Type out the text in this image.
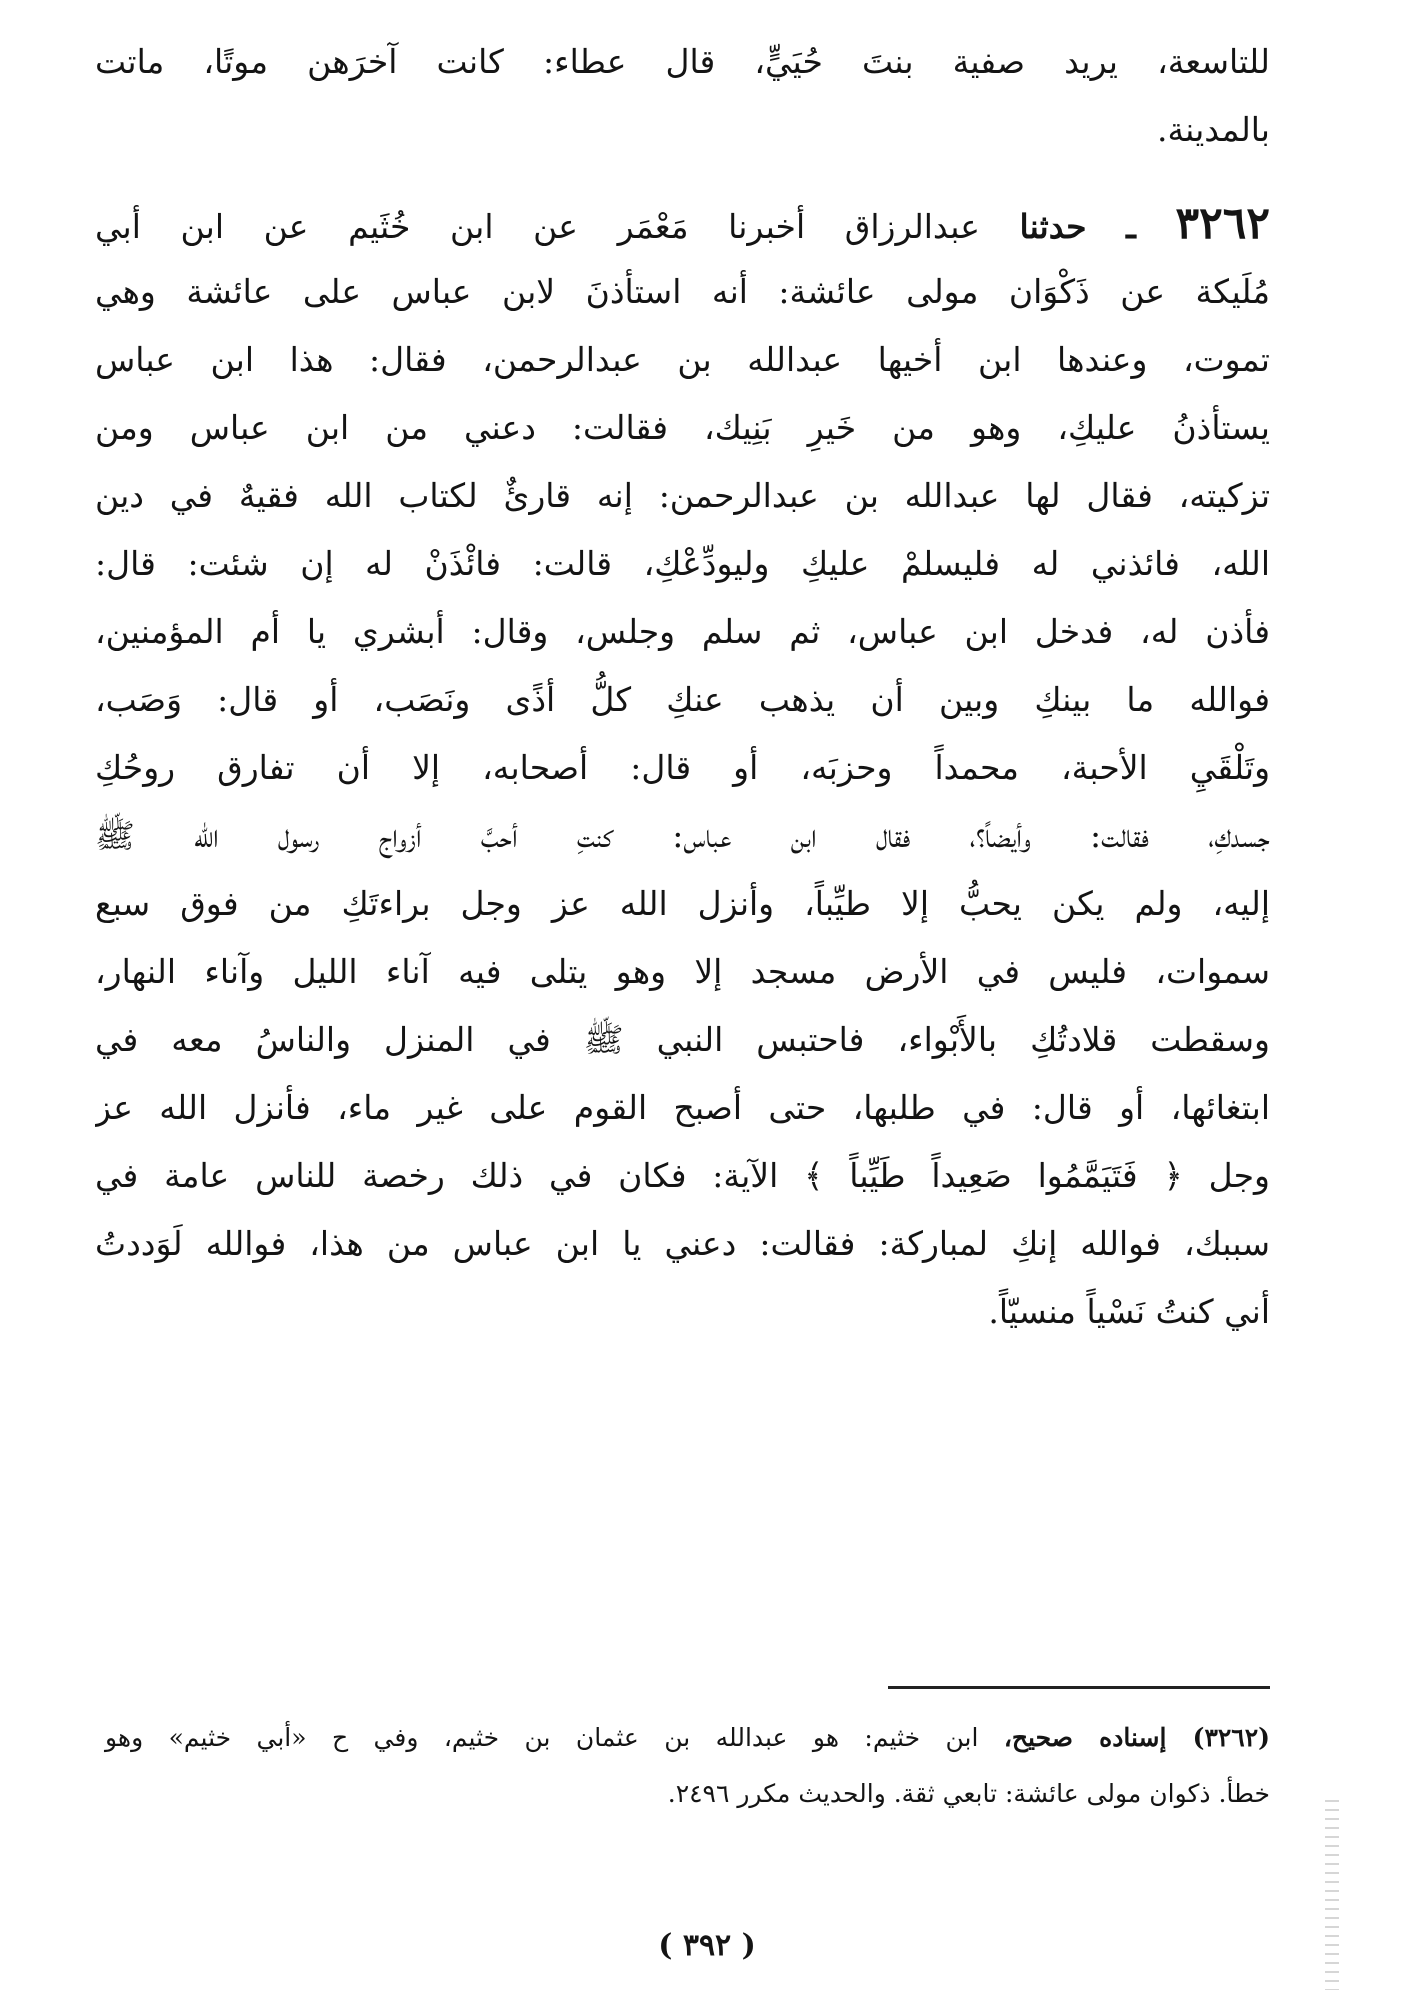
للتاسعة، يريد صفية بنتَ حُيَيٍّ، قال عطاء: كانت آخرَهن موتًا، ماتت
بالمدينة.
٣٢٦٢ ـ حدثنا عبدالرزاق أخبرنا مَعْمَر عن ابن خُثَيم عن ابن أبي
مُلَيكة عن ذَكْوَان مولى عائشة: أنه استأذنَ لابن عباس على عائشة وهي
تموت، وعندها ابن أخيها عبدالله بن عبدالرحمن، فقال: هذا ابن عباس
يستأذنُ عليكِ، وهو من خَيرِ بَنِيك، فقالت: دعني من ابن عباس ومن
تزكيته، فقال لها عبدالله بن عبدالرحمن: إنه قارئٌ لكتاب الله فقيهٌ في دين
الله، فائذني له فليسلمْ عليكِ وليودِّعْكِ، قالت: فائْذَنْ له إن شئت: قال:
فأذن له، فدخل ابن عباس، ثم سلم وجلس، وقال: أبشري يا أم المؤمنين،
فوالله ما بينكِ وبين أن يذهب عنكِ كلُّ أذًى ونَصَب، أو قال: وَصَب،
وتَلْقَيِ الأحبة، محمداً وحزبَه، أو قال: أصحابه، إلا أن تفارق روحُكِ
جسدكِ، فقالت: وأيضاً؟، فقال ابن عباس: كنتِ أحبَّ أزواج رسول الله ﷺ
إليه، ولم يكن يحبُّ إلا طيِّباً، وأنزل الله عز وجل براءتَكِ من فوق سبع
سموات، فليس في الأرض مسجد إلا وهو يتلى فيه آناء الليل وآناء النهار،
وسقطت قلادتُكِ بالأَبْواء، فاحتبس النبي ﷺ في المنزل والناسُ معه في
ابتغائها، أو قال: في طلبها، حتى أصبح القوم على غير ماء، فأنزل الله عز
وجل ﴿ فَتَيَمَّمُوا صَعِيداً طَيِّباً ﴾ الآية: فكان في ذلك رخصة للناس عامة في
سببك، فوالله إنكِ لمباركة: فقالت: دعني يا ابن عباس من هذا، فوالله لَوَددتُ
أني كنتُ نَسْياً منسيّاً.
(٣٢٦٢) إسناده صحيح، ابن خثيم: هو عبدالله بن عثمان بن خثيم، وفي ح «أبي خثيم» وهو
خطأ. ذكوان مولى عائشة: تابعي ثقة. والحديث مكرر ٢٤٩٦.
( ٣٩٢ )
